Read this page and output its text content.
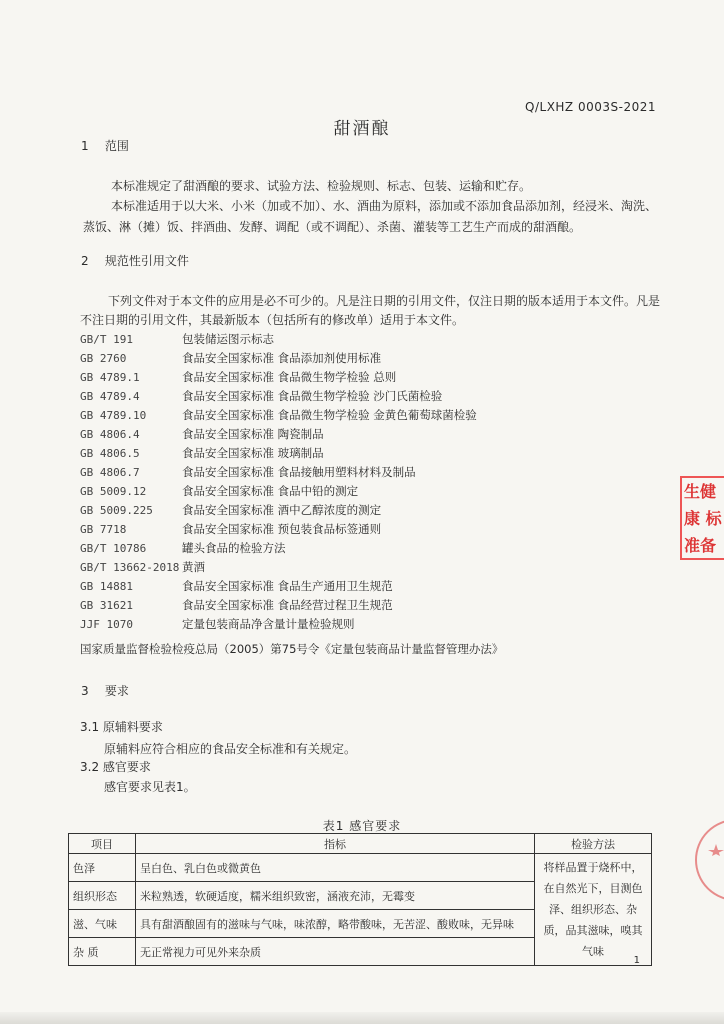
Q/LXHZ 0003S-2021
甜酒酿
1 范围
本标准规定了甜酒酿的要求、试验方法、检验规则、标志、包装、运输和贮存。
本标准适用于以大米、小米（加或不加）、水、酒曲为原料，添加或不添加食品添加剂，经浸米、淘洗、蒸饭、淋（摊）饭、拌酒曲、发酵、调配（或不调配）、杀菌、灌装等工艺生产而成的甜酒酿。
2 规范性引用文件
下列文件对于本文件的应用是必不可少的。凡是注日期的引用文件，仅注日期的版本适用于本文件。凡是不注日期的引用文件，其最新版本（包括所有的修改单）适用于本文件。
GB/T 191	包装储运图示标志
GB 2760	食品安全国家标准 食品添加剂使用标准
GB 4789.1	食品安全国家标准 食品微生物学检验 总则
GB 4789.4	食品安全国家标准 食品微生物学检验 沙门氏菌检验
GB 4789.10	食品安全国家标准 食品微生物学检验 金黄色葡萄球菌检验
GB 4806.4	食品安全国家标准 陶瓷制品
GB 4806.5	食品安全国家标准 玻璃制品
GB 4806.7	食品安全国家标准 食品接触用塑料材料及制品
GB 5009.12	食品安全国家标准 食品中铅的测定
GB 5009.225	食品安全国家标准 酒中乙醇浓度的测定
GB 7718	食品安全国家标准 预包装食品标签通则
GB/T 10786	罐头食品的检验方法
GB/T 13662-2018 黄酒
GB 14881	食品安全国家标准 食品生产通用卫生规范
GB 31621	食品安全国家标准 食品经营过程卫生规范
JJF 1070	定量包装商品净含量计量检验规则
国家质量监督检验检疫总局（2005）第75号令《定量包装商品计量监督管理办法》
3 要求
3.1 原辅料要求
原辅料应符合相应的食品安全标准和有关规定。
3.2 感官要求
感官要求见表1。
表1 感官要求
项目	指标	检验方法
色泽	呈白色、乳白色或微黄色	将样品置于烧杯中，在自然光下，目测色泽、组织形态、杂质，品其滋味，嗅其气味
组织形态	米粒熟透，软硬适度，糯米组织致密，涵液充沛，无霉变	
滋、气味	具有甜酒酿固有的滋味与气味，味浓醇，略带酸味，无苦涩、酸败味，无异味	
杂 质	无正常视力可见外来杂质	
生健康 标准备
1
